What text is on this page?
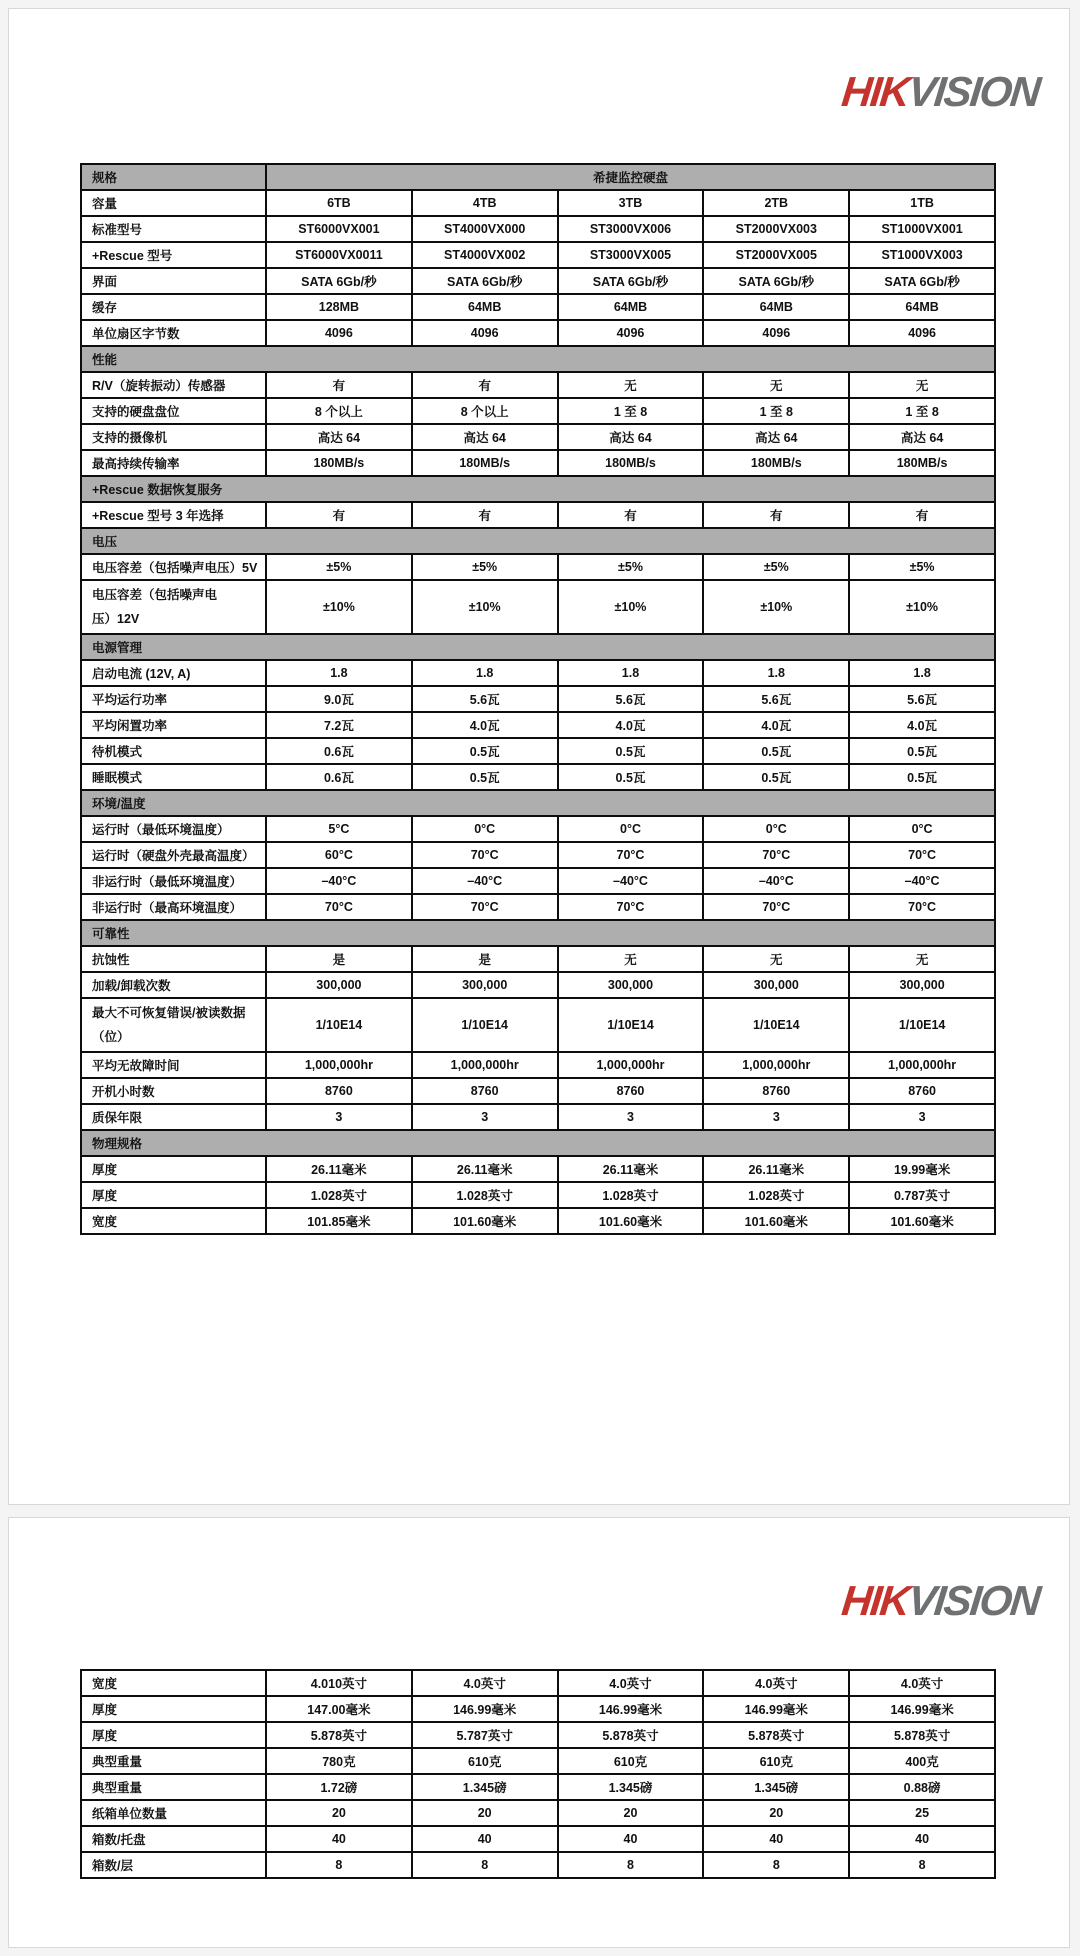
HIKVISION
规格	希捷监控硬盘				
容量	6TB	4TB	3TB	2TB	1TB
标准型号	ST6000VX001	ST4000VX000	ST3000VX006	ST2000VX003	ST1000VX001
+Rescue 型号	ST6000VX0011	ST4000VX002	ST3000VX005	ST2000VX005	ST1000VX003
界面	SATA 6Gb/秒	SATA 6Gb/秒	SATA 6Gb/秒	SATA 6Gb/秒	SATA 6Gb/秒
缓存	128MB	64MB	64MB	64MB	64MB
单位扇区字节数	4096	4096	4096	4096	4096
性能					
R/V（旋转振动）传感器	有	有	无	无	无
支持的硬盘盘位	8 个以上	8 个以上	1 至 8	1 至 8	1 至 8
支持的摄像机	高达 64	高达 64	高达 64	高达 64	高达 64
最高持续传输率	180MB/s	180MB/s	180MB/s	180MB/s	180MB/s
+Rescue 数据恢复服务					
+Rescue 型号 3 年选择	有	有	有	有	有
电压					
电压容差（包括噪声电压）5V	±5%	±5%	±5%	±5%	±5%

电压容差（包括噪声电
压）12V	±10%	±10%	±10%	±10%	±10%
电源管理					
启动电流 (12V, A)	1.8	1.8	1.8	1.8	1.8
平均运行功率	9.0瓦	5.6瓦	5.6瓦	5.6瓦	5.6瓦
平均闲置功率	7.2瓦	4.0瓦	4.0瓦	4.0瓦	4.0瓦
待机模式	0.6瓦	0.5瓦	0.5瓦	0.5瓦	0.5瓦
睡眠模式	0.6瓦	0.5瓦	0.5瓦	0.5瓦	0.5瓦
环境/温度					
运行时（最低环境温度）	5°C	0°C	0°C	0°C	0°C
运行时（硬盘外壳最高温度）	60°C	70°C	70°C	70°C	70°C
非运行时（最低环境温度）	–40°C	–40°C	–40°C	–40°C	–40°C
非运行时（最高环境温度）	70°C	70°C	70°C	70°C	70°C
可靠性					
抗蚀性	是	是	无	无	无
加载/卸载次数	300,000	300,000	300,000	300,000	300,000

最大不可恢复错误/被读数据
（位）	1/10E14	1/10E14	1/10E14	1/10E14	1/10E14
平均无故障时间	1,000,000hr	1,000,000hr	1,000,000hr	1,000,000hr	1,000,000hr
开机小时数	8760	8760	8760	8760	8760
质保年限	3	3	3	3	3
物理规格					
厚度	26.11毫米	26.11毫米	26.11毫米	26.11毫米	19.99毫米
厚度	1.028英寸	1.028英寸	1.028英寸	1.028英寸	0.787英寸
宽度	101.85毫米	101.60毫米	101.60毫米	101.60毫米	101.60毫米
HIKVISION
宽度	4.010英寸	4.0英寸	4.0英寸	4.0英寸	4.0英寸
厚度	147.00毫米	146.99毫米	146.99毫米	146.99毫米	146.99毫米
厚度	5.878英寸	5.787英寸	5.878英寸	5.878英寸	5.878英寸
典型重量	780克	610克	610克	610克	400克
典型重量	1.72磅	1.345磅	1.345磅	1.345磅	0.88磅
纸箱单位数量	20	20	20	20	25
箱数/托盘	40	40	40	40	40
箱数/层	8	8	8	8	8
